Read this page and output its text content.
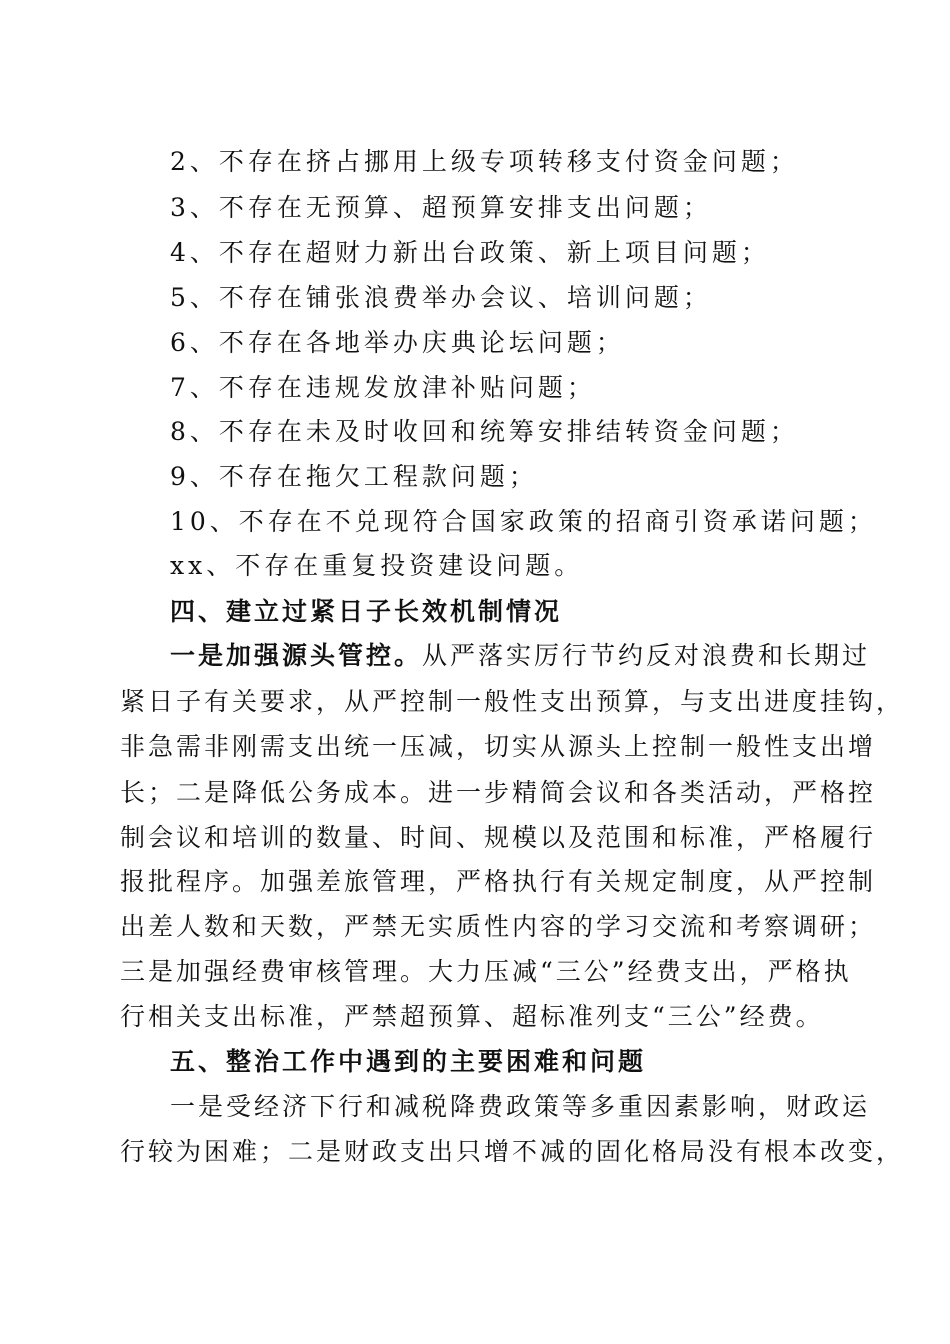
2、不存在挤占挪用上级专项转移支付资金问题；
3、不存在无预算、超预算安排支出问题；
4、不存在超财力新出台政策、新上项目问题；
5、不存在铺张浪费举办会议、培训问题；
6、不存在各地举办庆典论坛问题；
7、不存在违规发放津补贴问题；
8、不存在未及时收回和统筹安排结转资金问题；
9、不存在拖欠工程款问题；
10、不存在不兑现符合国家政策的招商引资承诺问题；
xx、不存在重复投资建设问题。
四、建立过紧日子长效机制情况
一是加强源头管控。从严落实厉行节约反对浪费和长期过
紧日子有关要求，从严控制一般性支出预算，与支出进度挂钩，
非急需非刚需支出统一压减，切实从源头上控制一般性支出增
长；二是降低公务成本。进一步精简会议和各类活动，严格控
制会议和培训的数量、时间、规模以及范围和标准，严格履行
报批程序。加强差旅管理，严格执行有关规定制度，从严控制
出差人数和天数，严禁无实质性内容的学习交流和考察调研；
三是加强经费审核管理。大力压减“三公”经费支出，严格执
行相关支出标准，严禁超预算、超标准列支“三公”经费。
五、整治工作中遇到的主要困难和问题
一是受经济下行和减税降费政策等多重因素影响，财政运
行较为困难；二是财政支出只增不减的固化格局没有根本改变，
